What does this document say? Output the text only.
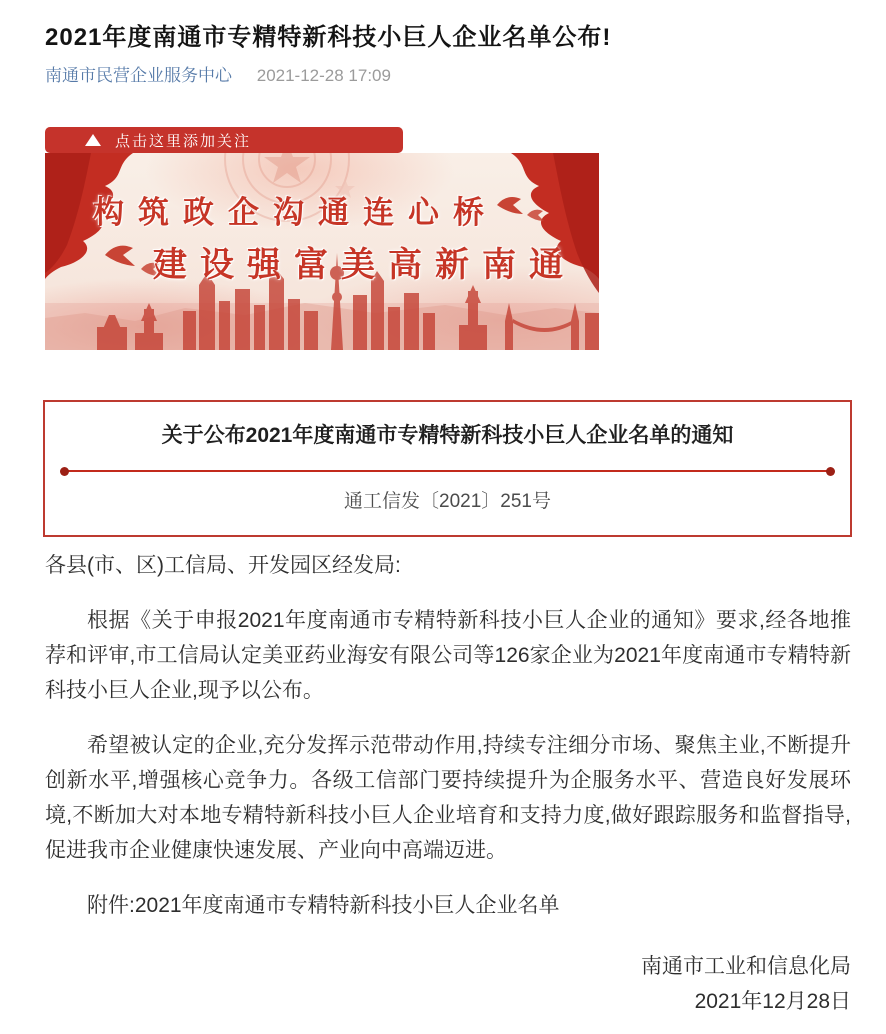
2021年度南通市专精特新科技小巨人企业名单公布!
南通市民营企业服务中心 2021-12-28 17:09
点击这里添加关注
构筑政企沟通连心桥
建设强富美高新南通
关于公布2021年度南通市专精特新科技小巨人企业名单的通知
通工信发〔2021〕251号

各县(市、区)工信局、开发园区经发局:

根据《关于申报2021年度南通市专精特新科技小巨人企业的通知》要求,经各地推荐和评审,市工信局认定美亚药业海安有限公司等126家企业为2021年度南通市专精特新科技小巨人企业,现予以公布。

希望被认定的企业,充分发挥示范带动作用,持续专注细分市场、聚焦主业,不断提升创新水平,增强核心竞争力。各级工信部门要持续提升为企服务水平、营造良好发展环境,不断加大对本地专精特新科技小巨人企业培育和支持力度,做好跟踪服务和监督指导,促进我市企业健康快速发展、产业向中高端迈进。

附件:2021年度南通市专精特新科技小巨人企业名单

南通市工业和信息化局

2021年12月28日
